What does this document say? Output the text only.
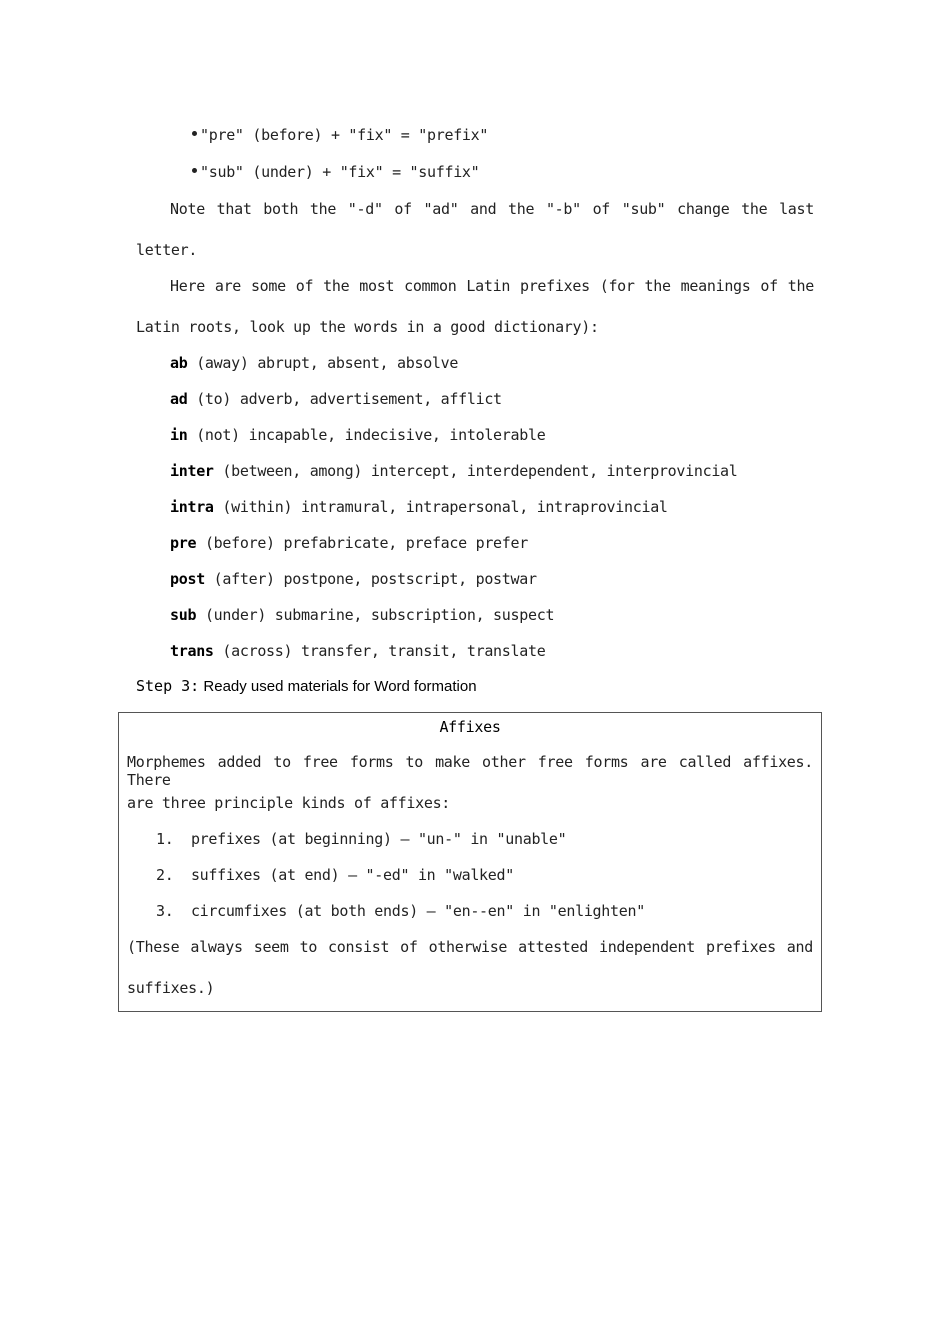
"pre" (before) + "fix" = "prefix"
"sub" (under) + "fix" = "suffix"
Note that both the "-d" of "ad" and the "-b" of "sub" change the last
letter.
Here are some of the most common Latin prefixes (for the meanings of the
Latin roots, look up the words in a good dictionary):
ab (away) abrupt, absent, absolve
ad (to) adverb, advertisement, afflict
in (not) incapable, indecisive, intolerable
inter (between, among) intercept, interdependent, interprovincial
intra (within) intramural, intrapersonal, intraprovincial
pre (before) prefabricate, preface prefer
post (after) postpone, postscript, postwar
sub (under) submarine, subscription, suspect
trans (across) transfer, transit, translate
Step 3: Ready used materials for Word formation
Affixes
Morphemes added to free forms to make other free forms are called affixes. There
are three principle kinds of affixes:
1. prefixes (at beginning) — "un-" in "unable"
2. suffixes (at end) — "-ed" in "walked"
3. circumfixes (at both ends) — "en--en" in "enlighten"
(These always seem to consist of otherwise attested independent prefixes and
suffixes.)
